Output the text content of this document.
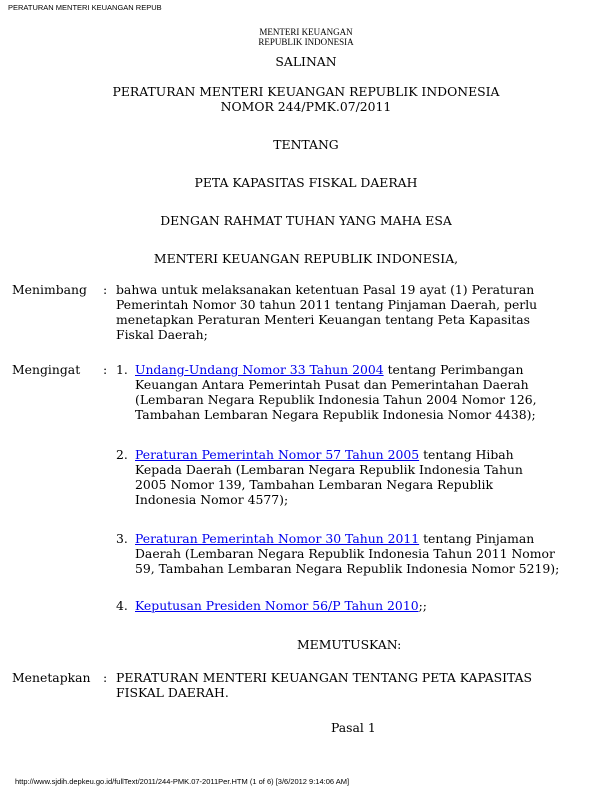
PERATURAN MENTERI KEUANGAN REPUB
MENTERI KEUANGAN
REPUBLIK INDONESIA
SALINAN
PERATURAN MENTERI KEUANGAN REPUBLIK INDONESIA
NOMOR 244/PMK.07/2011
TENTANG
PETA KAPASITAS FISKAL DAERAH
DENGAN RAHMAT TUHAN YANG MAHA ESA
MENTERI KEUANGAN REPUBLIK INDONESIA,
Menimbang : bahwa untuk melaksanakan ketentuan Pasal 19 ayat (1) Peraturan
Pemerintah Nomor 30 tahun 2011 tentang Pinjaman Daerah, perlu
menetapkan Peraturan Menteri Keuangan tentang Peta Kapasitas
Fiskal Daerah;
Mengingat : 1. Undang-Undang Nomor 33 Tahun 2004 tentang Perimbangan
Keuangan Antara Pemerintah Pusat dan Pemerintahan Daerah
(Lembaran Negara Republik Indonesia Tahun 2004 Nomor 126,
Tambahan Lembaran Negara Republik Indonesia Nomor 4438);
2. Peraturan Pemerintah Nomor 57 Tahun 2005 tentang Hibah
Kepada Daerah (Lembaran Negara Republik Indonesia Tahun
2005 Nomor 139, Tambahan Lembaran Negara Republik
Indonesia Nomor 4577);
3. Peraturan Pemerintah Nomor 30 Tahun 2011 tentang Pinjaman
Daerah (Lembaran Negara Republik Indonesia Tahun 2011 Nomor
59, Tambahan Lembaran Negara Republik Indonesia Nomor 5219);
4. Keputusan Presiden Nomor 56/P Tahun 2010;;
MEMUTUSKAN:
Menetapkan : PERATURAN MENTERI KEUANGAN TENTANG PETA KAPASITAS
FISKAL DAERAH.
Pasal 1
http://www.sjdih.depkeu.go.id/fullText/2011/244-PMK.07-2011Per.HTM (1 of 6) [3/6/2012 9:14:06 AM]
